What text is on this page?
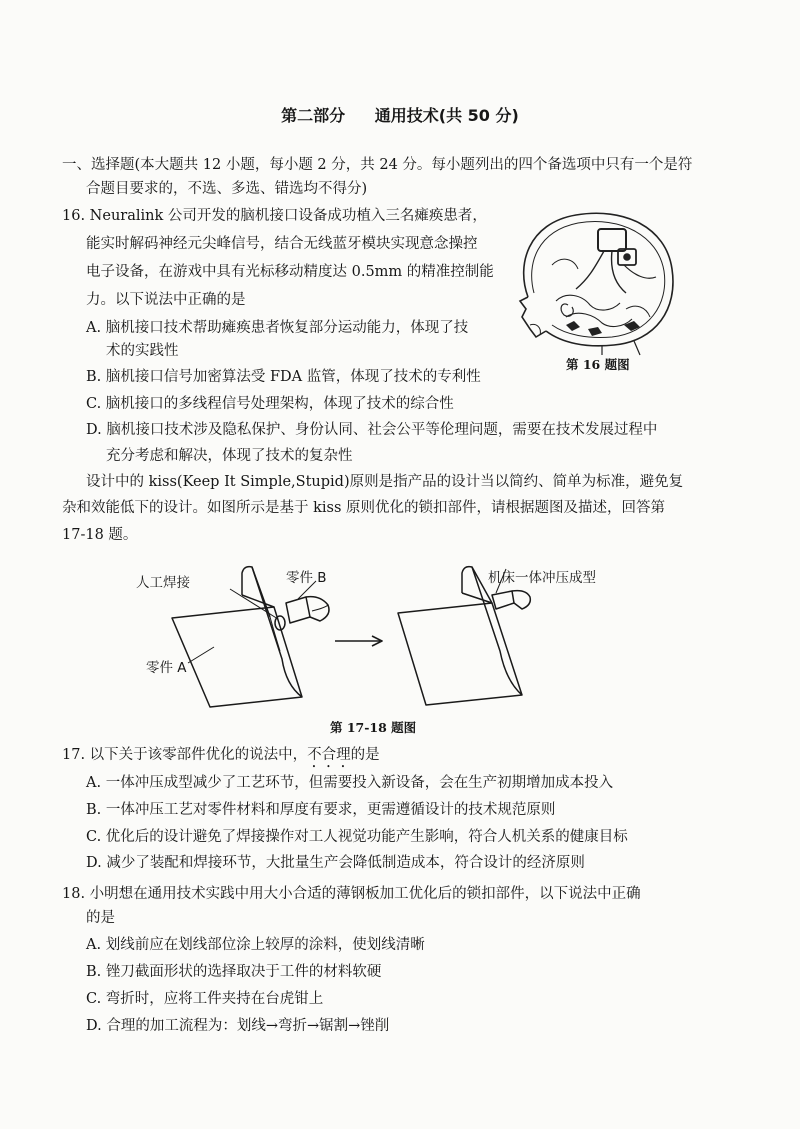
第二部分 通用技术(共 50 分)
一、选择题(本大题共 12 小题，每小题 2 分，共 24 分。每小题列出的四个备选项中只有一个是符
合题目要求的，不选、多选、错选均不得分)
16. Neuralink 公司开发的脑机接口设备成功植入三名瘫痪患者，
能实时解码神经元尖峰信号，结合无线蓝牙模块实现意念操控
电子设备，在游戏中具有光标移动精度达 0.5mm 的精准控制能
力。以下说法中正确的是
A. 脑机接口技术帮助瘫痪患者恢复部分运动能力，体现了技
术的实践性
B. 脑机接口信号加密算法受 FDA 监管，体现了技术的专利性
C. 脑机接口的多线程信号处理架构，体现了技术的综合性
D. 脑机接口技术涉及隐私保护、身份认同、社会公平等伦理问题，需要在技术发展过程中
充分考虑和解决，体现了技术的复杂性
第 16 题图
设计中的 kiss(Keep It Simple,Stupid)原则是指产品的设计当以简约、简单为标准，避免复
杂和效能低下的设计。如图所示是基于 kiss 原则优化的锁扣部件，请根据题图及描述，回答第
17-18 题。
人工焊接	零件 B
零件 A
机床一体冲压成型
第 17-18 题图
17. 以下关于该零部件优化的说法中，不合理的是
A. 一体冲压成型减少了工艺环节，但需要投入新设备，会在生产初期增加成本投入
B. 一体冲压工艺对零件材料和厚度有要求，更需遵循设计的技术规范原则
C. 优化后的设计避免了焊接操作对工人视觉功能产生影响，符合人机关系的健康目标
D. 减少了装配和焊接环节，大批量生产会降低制造成本，符合设计的经济原则
18. 小明想在通用技术实践中用大小合适的薄钢板加工优化后的锁扣部件，以下说法中正确
的是
A. 划线前应在划线部位涂上较厚的涂料，使划线清晰
B. 锉刀截面形状的选择取决于工件的材料软硬
C. 弯折时，应将工件夹持在台虎钳上
D. 合理的加工流程为：划线→弯折→锯割→锉削
